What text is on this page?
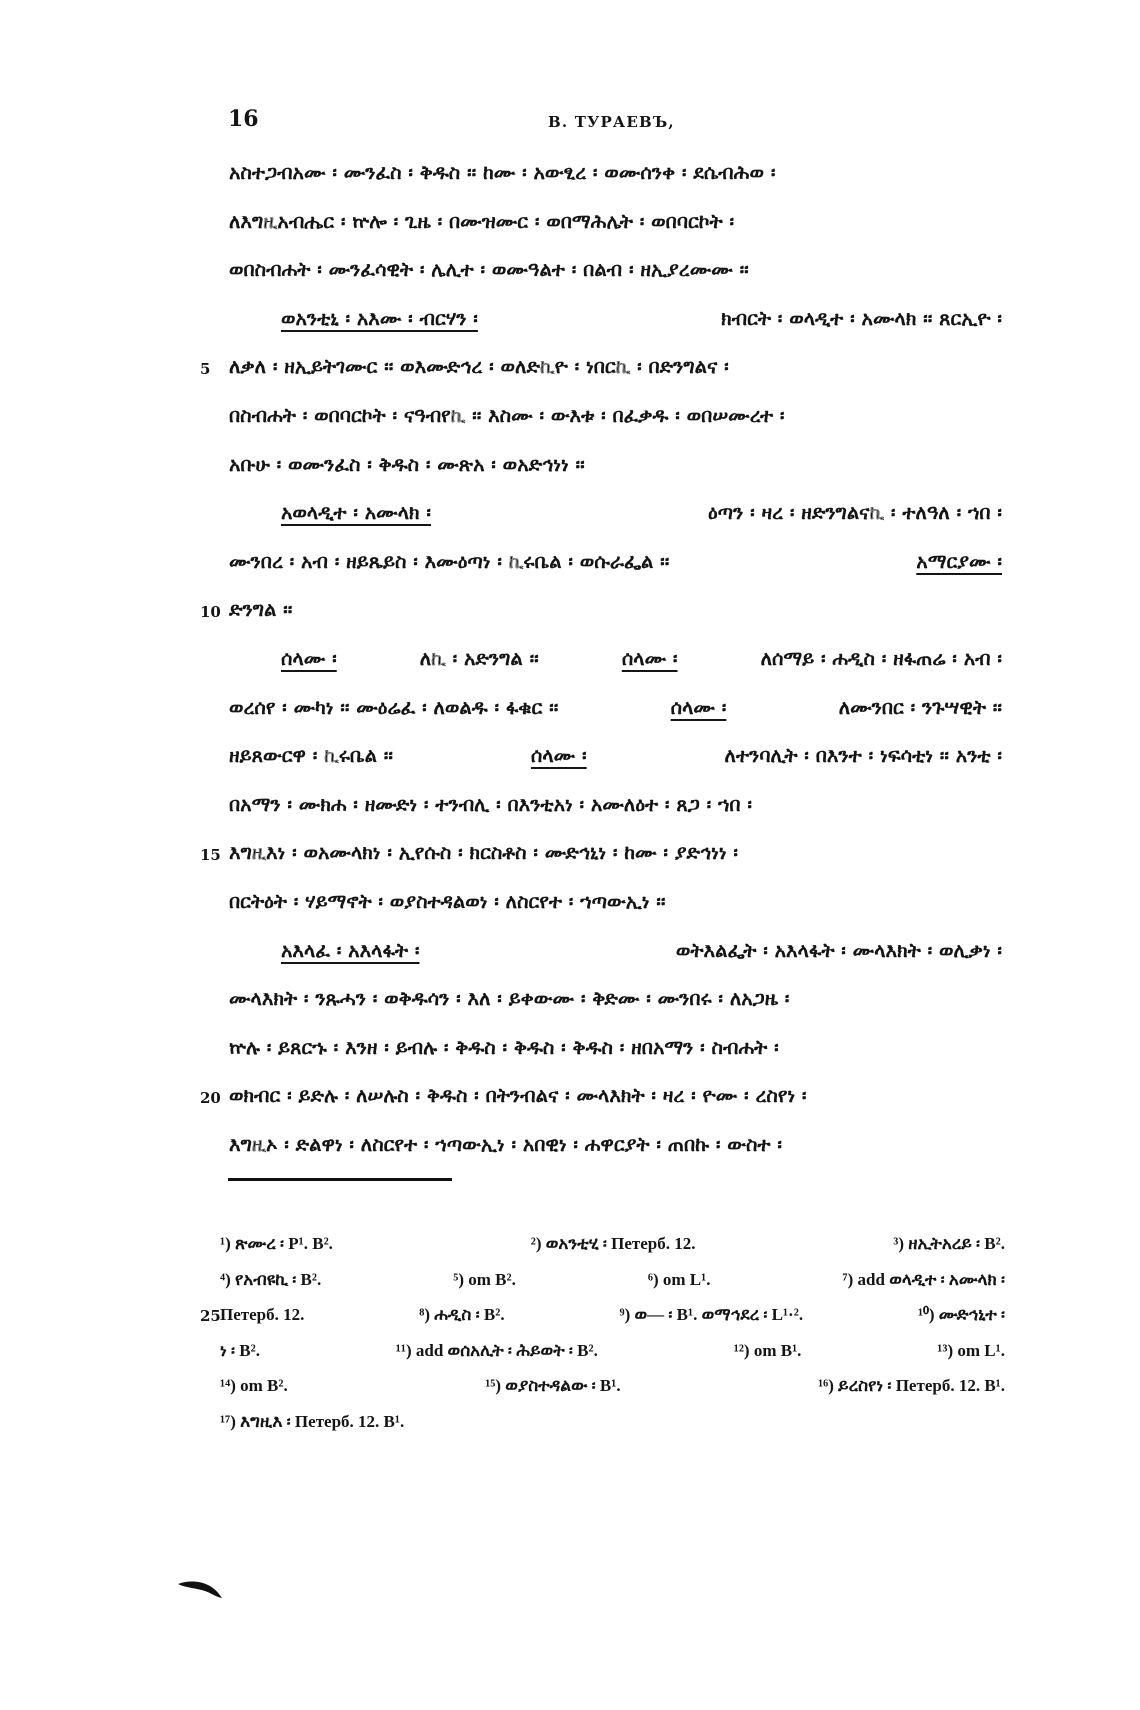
16	В. ТУРАЕВЪ,
አስተጋብአሙ ፡ ሙንፈስ ፡ ቅዱስ ፡፡ ከሙ ፡ አውፂረ ፡ ወሙሰንቀ ፡ ደሴብሕወ ፡
ለእግዚአብሔር ፡ ኵሎ ፡ ጊዜ ፡ በሙዝሙር ፡ ወበማሕሌት ፡ ወበባርኮት ፡
ወበስብሐት ፡ ሙንፈሳዊት ፡ ሌሊተ ፡ ወሙዓልተ ፡ በልብ ፡ ዘኢያረሙሙ ፡፡
ወአንቲኒ ፡ አእሙ ፡ ብርሃን ፡	ክብርት ፡ ወላዲተ ፡ አሙላክ ፡፡ ጸርኢዮ ፡
ለቃለ ፡ ዘኢይትገሙር ፡፡ ወእሙድኅረ ፡ ወለድኪዮ ፡ ነበርኪ ፡ በድንግልና ፡
5
በስብሐት ፡ ወበባርኮት ፡ ናዓብየኪ ፡፡ እስሙ ፡ ውእቱ ፡ በፈቃዱ ፡ ወበሠሙረተ ፡
አቡሁ ፡ ወሙንፈስ ፡ ቅዱስ ፡ ሙጽአ ፡ ወአድኅነነ ፡፡
አወላዲተ ፡ አሙላክ ፡	ዕጣን ፡ ዛረ ፡ ዘድንግልናኪ ፡ ተለዓለ ፡ ኀበ ፡
ሙንበረ ፡ አብ ፡ ዘይጼይስ ፡ እሙዕጣነ ፡ ኪሩቤል ፡ ወሱራፌል ፡፡	አማርያሙ ፡
ድንግል ፡፡
10
ሰላሙ ፡	ለኪ ፡ አድንግል ፡፡	ሰላሙ ፡	ለሰማይ ፡ ሐዲስ ፡ ዘፋጠሬ ፡ አብ ፡
ወረሰየ ፡ ሙካነ ፡፡ ሙዕሬፈ ፡ ለወልዱ ፡ ፋቁር ፡፡	ሰላሙ ፡	ለሙንበር ፡ ንጉሣዊት ፡፡
ዘይጸውርዋ ፡ ኪሩቤል ፡፡	ሰላሙ ፡	ለተንባሊት ፡ በእንተ ፡ ነፍሳቲነ ፡፡ አንቲ ፡
በአማን ፡ ሙክሐ ፡ ዘሙድነ ፡ ተንብሊ ፡ በእንቲአነ ፡ አሙለዕተ ፡ ጸጋ ፡ ኀበ ፡
እግዚእነ ፡ ወአሙላክነ ፡ ኢየሱስ ፡ ክርስቶስ ፡ ሙድኅኒነ ፡ ከሙ ፡ ያድኅነነ ፡
15
በርትዕት ፡ ሃይማኖት ፡ ወያስተዳልወነ ፡ ለስርየተ ፡ ኀጣውኢነ ፡፡
አእላፈ ፡ አእላፋት ፡	ወትእልፌት ፡ አእላፋት ፡ ሙላእክት ፡ ወሊቃነ ፡
ሙላእክት ፡ ንጹሓን ፡ ወቅዱሳን ፡ እለ ፡ ይቀውሙ ፡ ቅድሙ ፡ ሙንበሩ ፡ ለአጋዜ ፡
ኵሉ ፡ ይጸርኁ ፡ እንዘ ፡ ይብሉ ፡ ቅዱስ ፡ ቅዱስ ፡ ቅዱስ ፡ ዘበአማን ፡ ስብሐት ፡
ወክብር ፡ ይድሉ ፡ ለሠሉስ ፡ ቅዱስ ፡ በትንብልና ፡ ሙላእክት ፡ ዛረ ፡ ዮሙ ፡ ረስየነ ፡
20
እግዚኦ ፡ ድልዋነ ፡ ለስርየተ ፡ ኀጣውኢነ ፡ አበዊነ ፡ ሐዋርያት ፡ ጠበኩ ፡ ውስተ ፡
¹) ጽሙረ ፡ P¹. B².	²) ወአንቲሂ ፡ Петерб. 12.	³) ዘኢትአረይ ፡ B².
⁴) የአብዩኪ ፡ B².	⁵) om B².	⁶) om L¹.	⁷) add ወላዲተ ፡ አሙላክ ፡
Петерб. 12.	⁸) ሐዲስ ፡ B².	⁹) ወ— ፡ B¹. ወማኅደረ ፡ L¹·².	¹⁰) ሙድኅኒተ ፡
25
ነ ፡ B².	¹¹) add ወሰአሊት ፡ ሕይወት ፡ B².	¹²) om B¹.	¹³) om L¹.
¹⁴) om B².	¹⁵) ወያስተዳልው ፡ B¹.	¹⁶) ይረስየነ ፡ Петерб. 12. B¹.
¹⁷) እግዚእ ፡ Петерб. 12. B¹.
